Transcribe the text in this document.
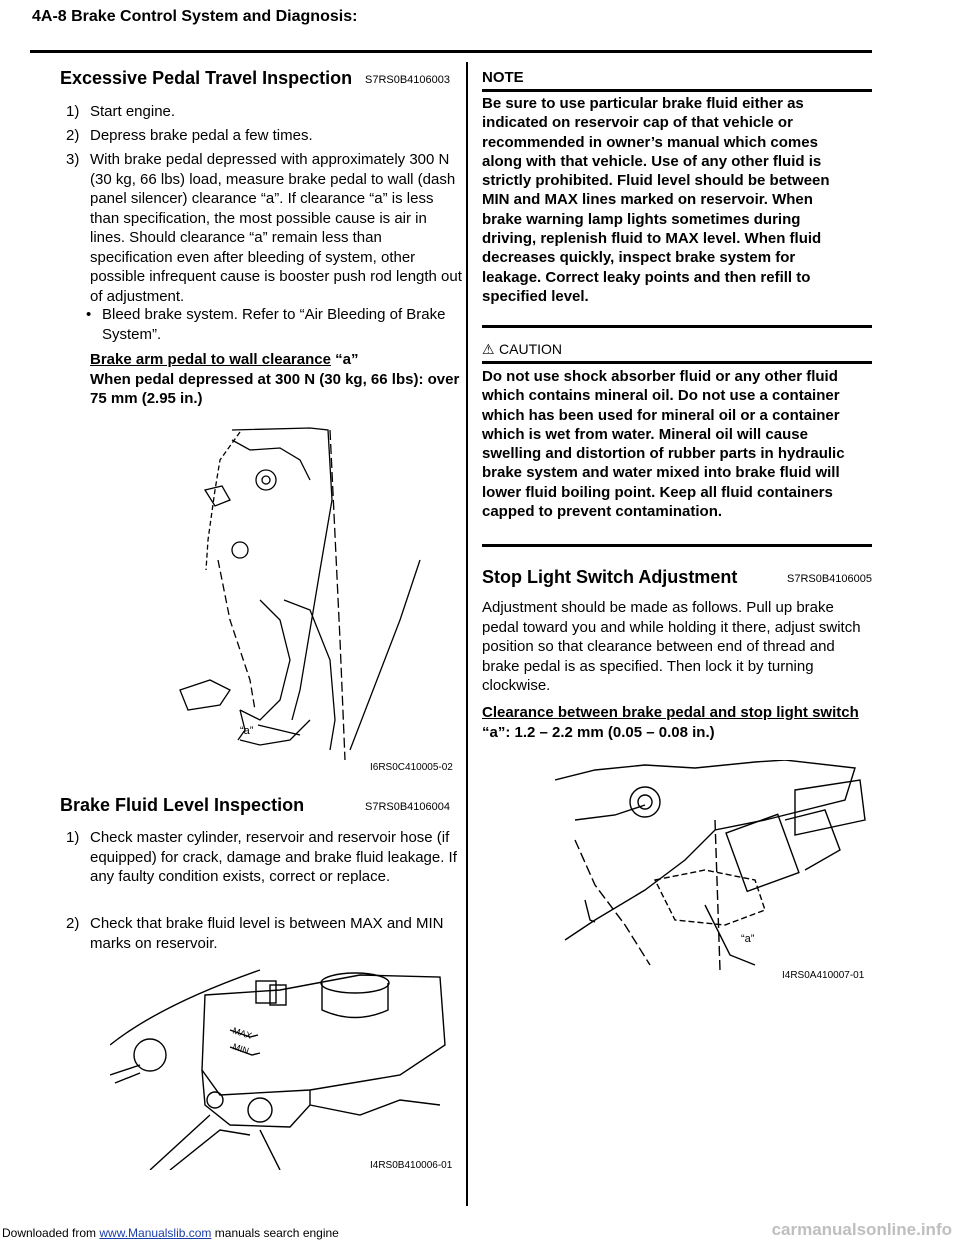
4A-8 Brake Control System and Diagnosis:
Excessive Pedal Travel Inspection	S7RS0B4106003
1) Start engine.
2) Depress brake pedal a few times.
3) With brake pedal depressed with approximately 300 N (30 kg, 66 lbs) load, measure brake pedal to wall (dash panel silencer) clearance “a”. If clearance “a” is less than specification, the most possible cause is air in lines. Should clearance “a” remain less than specification even after bleeding of system, other possible infrequent cause is booster push rod length out of adjustment.
• Bleed brake system. Refer to “Air Bleeding of Brake System”.
Brake arm pedal to wall clearance “a”
When pedal depressed at 300 N (30 kg, 66 lbs): over 75 mm (2.95 in.)
“a”
I6RS0C410005-02
Brake Fluid Level Inspection	S7RS0B4106004
1) Check master cylinder, reservoir and reservoir hose (if equipped) for crack, damage and brake fluid leakage. If any faulty condition exists, correct or replace.
2) Check that brake fluid level is between MAX and MIN marks on reservoir.
MAX
MIN
I4RS0B410006-01
NOTE
Be sure to use particular brake fluid either as indicated on reservoir cap of that vehicle or recommended in owner’s manual which comes along with that vehicle. Use of any other fluid is strictly prohibited. Fluid level should be between MIN and MAX lines marked on reservoir. When brake warning lamp lights sometimes during driving, replenish fluid to MAX level. When fluid decreases quickly, inspect brake system for leakage. Correct leaky points and then refill to specified level.
⚠ CAUTION
Do not use shock absorber fluid or any other fluid which contains mineral oil. Do not use a container which has been used for mineral oil or a container which is wet from water. Mineral oil will cause swelling and distortion of rubber parts in hydraulic brake system and water mixed into brake fluid will lower fluid boiling point. Keep all fluid containers capped to prevent contamination.
Stop Light Switch Adjustment	S7RS0B4106005
Adjustment should be made as follows. Pull up brake pedal toward you and while holding it there, adjust switch position so that clearance between end of thread and brake pedal is as specified. Then lock it by turning clockwise.
Clearance between brake pedal and stop light switch
“a”: 1.2 – 2.2 mm (0.05 – 0.08 in.)
“a”
I4RS0A410007-01
Downloaded from www.Manualslib.com manuals search engine	carmanualsonline.info
